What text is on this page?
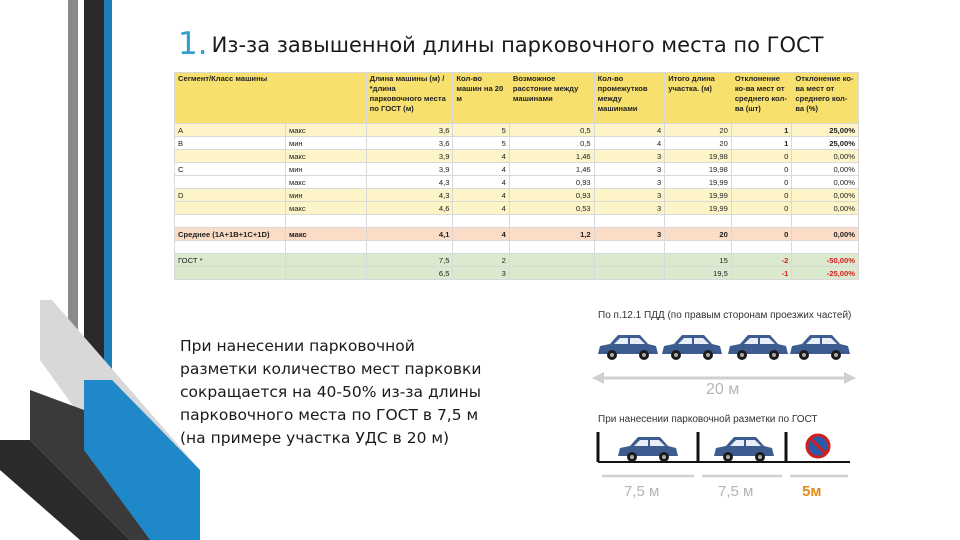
1. Из-за завышенной длины парковочного места по ГОСТ
Сегмент/Класс машины		Длина машины (м) / *длина парковочного места по ГОСТ (м)	Кол-во машин на 20 м	Возможное расстоние между машинами	Кол-во промежутков между машинами	Итого длина участка. (м)	Отклонение ко-ва мест от среднего кол-ва (шт)	Отклонение ко-ва мест от среднего кол-ва (%)
А	макс	3,6	5	0,5	4	20	1	25,00%
В	мин	3,6	5	0,5	4	20	1	25,00%
	макс	3,9	4	1,46	3	19,98	0	0,00%
С	мин	3,9	4	1,46	3	19,98	0	0,00%
	макс	4,3	4	0,93	3	19,99	0	0,00%
D	мин	4,3	4	0,93	3	19,99	0	0,00%
	макс	4,6	4	0,53	3	19,99	0	0,00%

Среднее (1А+1В+1С+1D)	макс	4,1	4	1,2	3	20	0	0,00%

ГОСТ *		7,5	2			15	-2	-50,00%
		6,5	3			19,5	-1	-25,00%
При нанесении парковочной
разметки количество мест парковки
сокращается на 40-50% из-за длины
парковочного места по ГОСТ в 7,5 м
(на примере участка УДС в 20 м)
По п.12.1 ПДД (по правым сторонам проезжих частей)
20 м
При нанесении парковочной разметки по ГОСТ
7,5 м	7,5 м	5м
